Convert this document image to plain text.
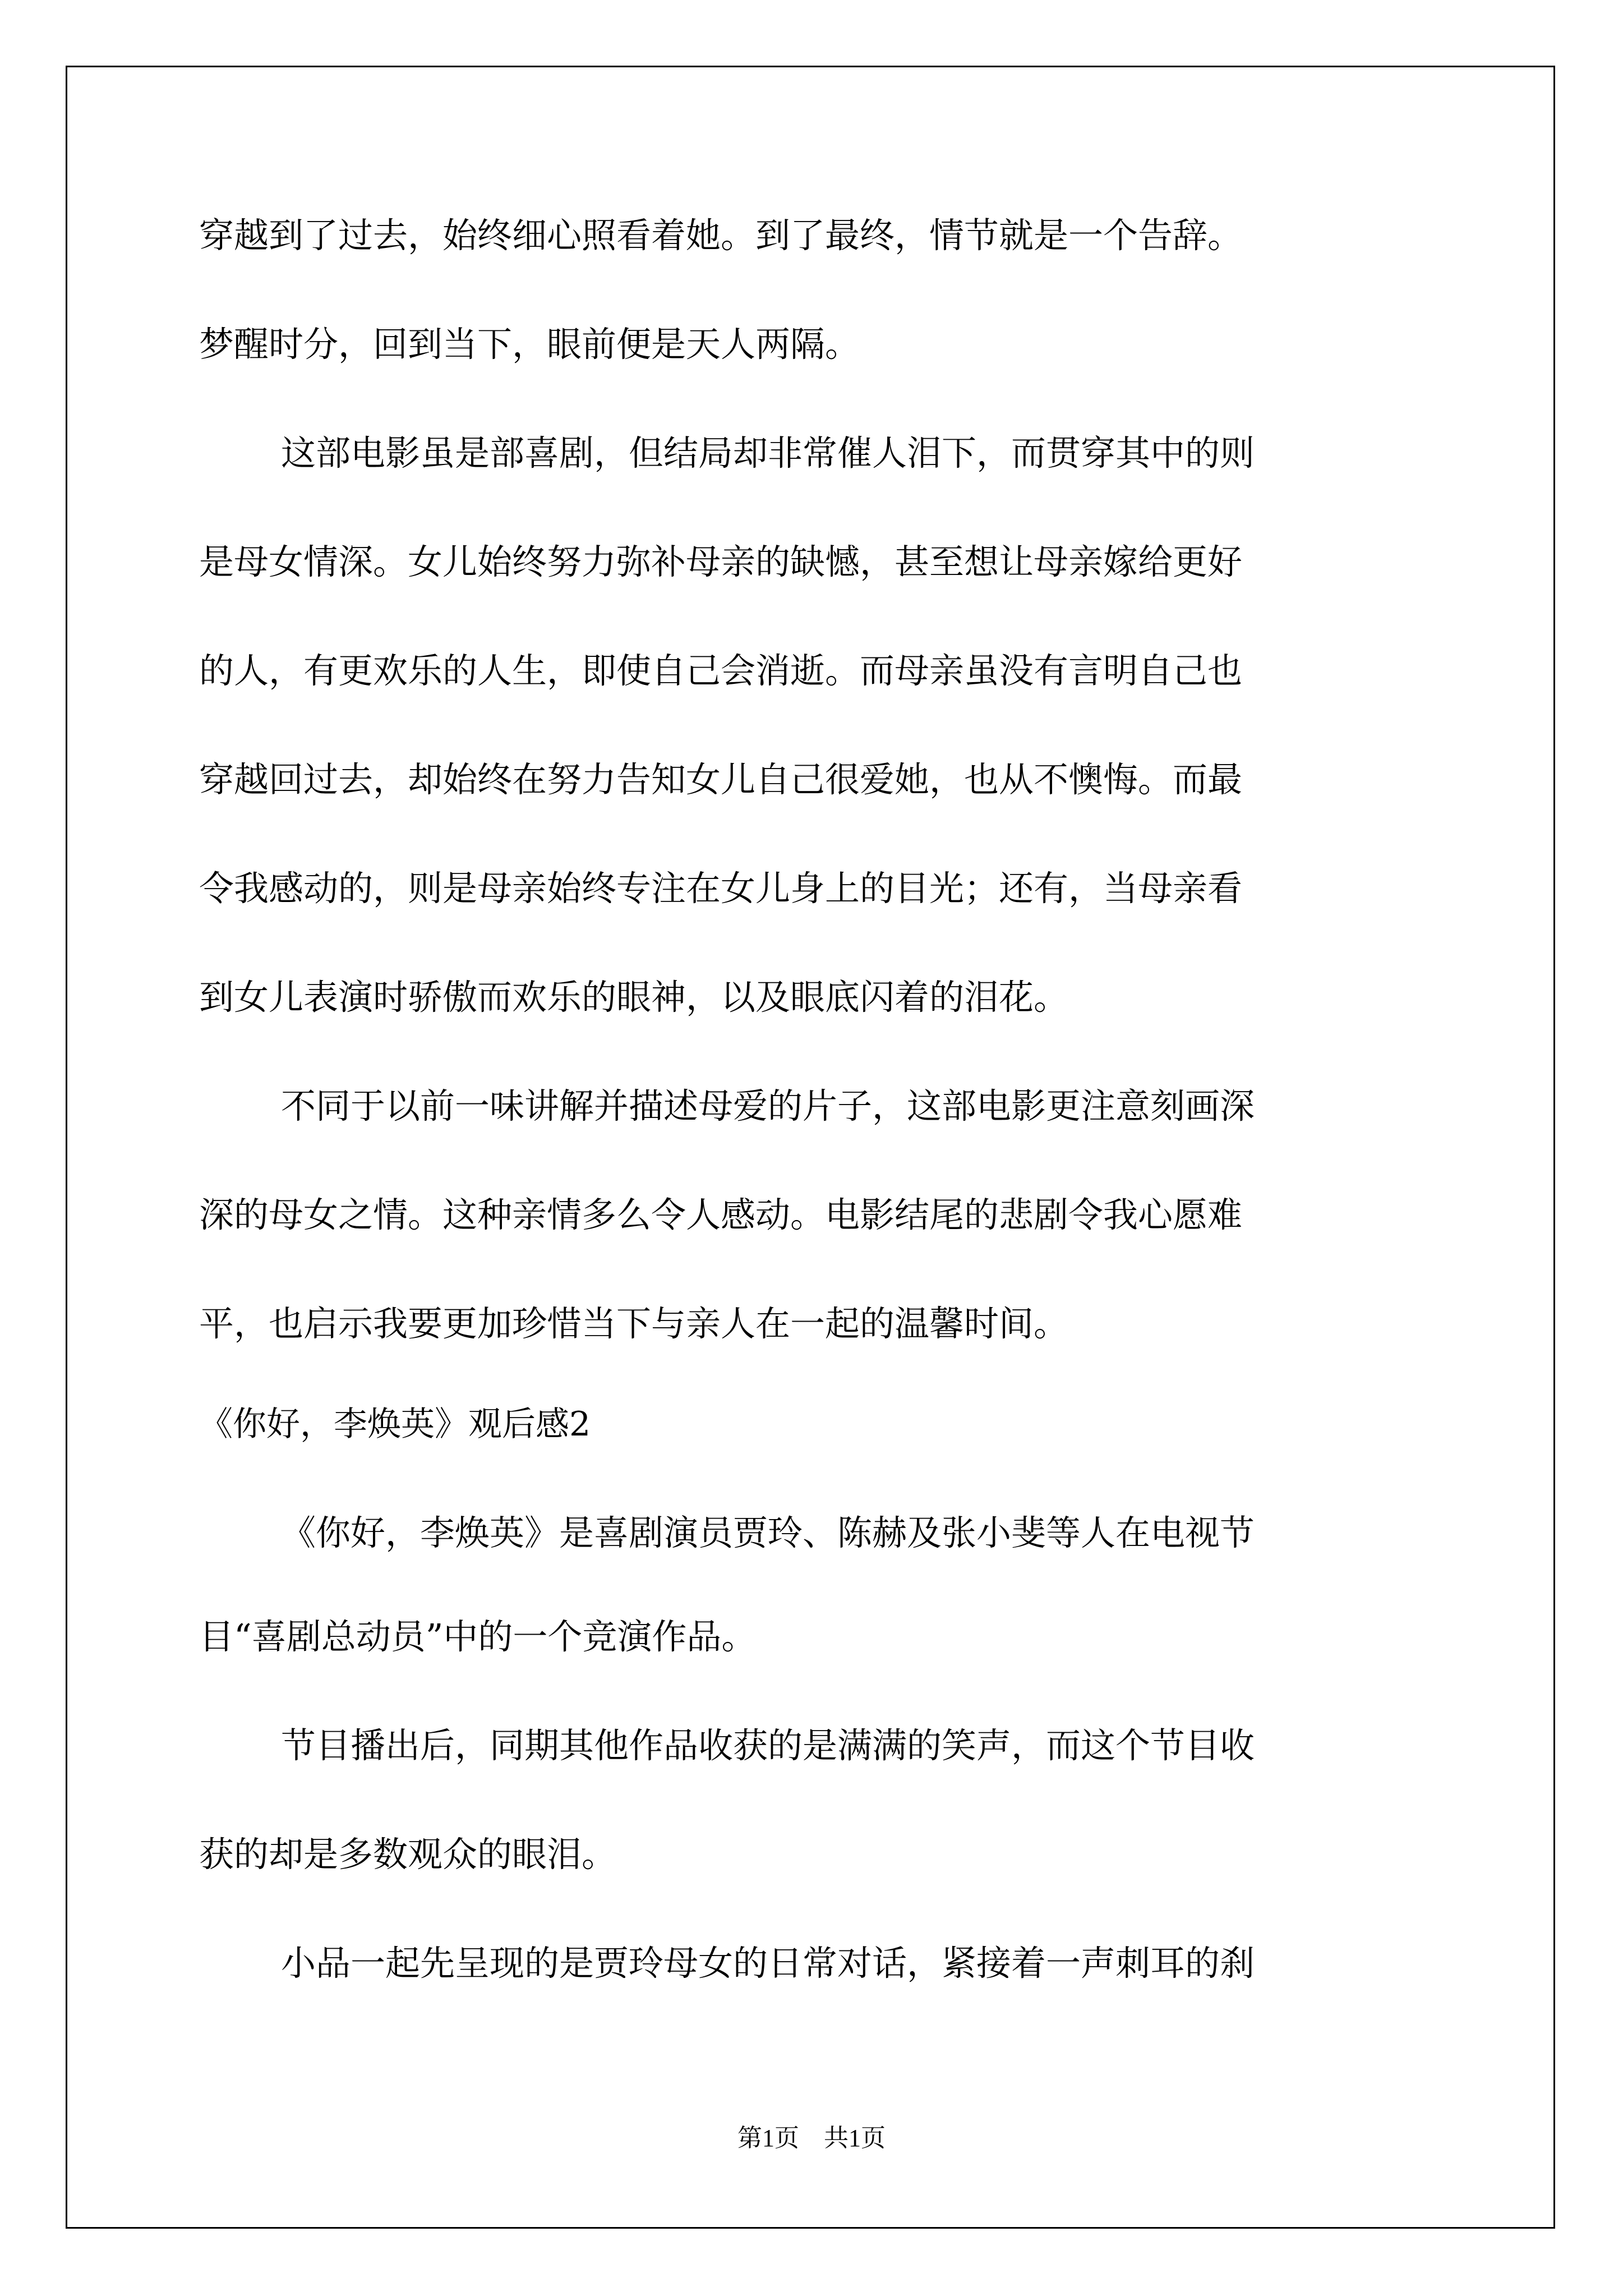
穿越到了过去，始终细心照看着她。到了最终，情节就是一个告辞。
梦醒时分，回到当下，眼前便是天人两隔。
这部电影虽是部喜剧，但结局却非常催人泪下，而贯穿其中的则
是母女情深。女儿始终努力弥补母亲的缺憾，甚至想让母亲嫁给更好
的人，有更欢乐的人生，即使自己会消逝。而母亲虽没有言明自己也
穿越回过去，却始终在努力告知女儿自己很爱她，也从不懊悔。而最
令我感动的，则是母亲始终专注在女儿身上的目光；还有，当母亲看
到女儿表演时骄傲而欢乐的眼神，以及眼底闪着的泪花。
不同于以前一味讲解并描述母爱的片子，这部电影更注意刻画深
深的母女之情。这种亲情多么令人感动。电影结尾的悲剧令我心愿难
平，也启示我要更加珍惜当下与亲人在一起的温馨时间。
《你好，李焕英》观后感2
《你好，李焕英》是喜剧演员贾玲、陈赫及张小斐等人在电视节
目“喜剧总动员”中的一个竞演作品。
节目播出后，同期其他作品收获的是满满的笑声，而这个节目收
获的却是多数观众的眼泪。
小品一起先呈现的是贾玲母女的日常对话，紧接着一声刺耳的刹
第1页　共1页
